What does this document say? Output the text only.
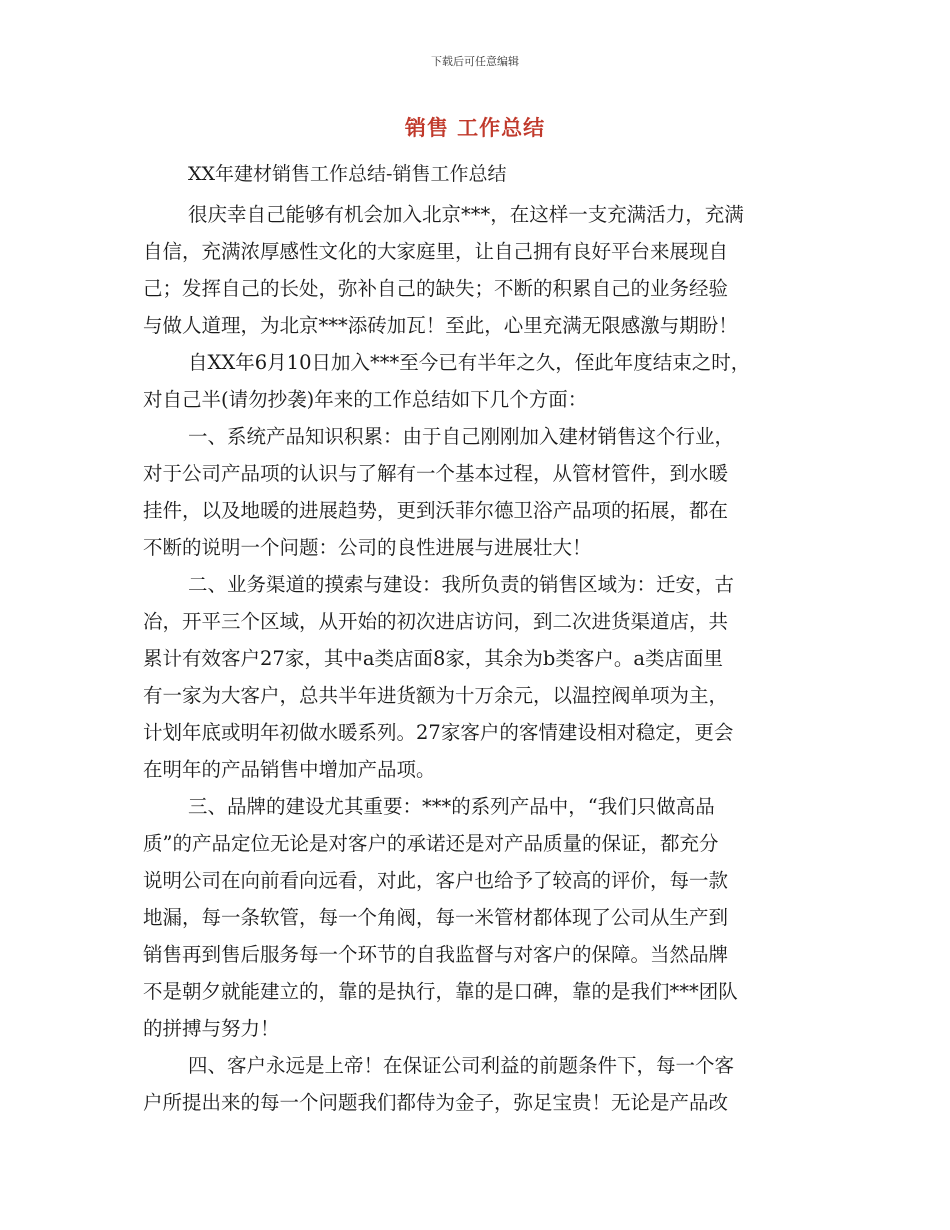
下载后可任意编辑
销售 工作总结
XX年建材销售工作总结-销售工作总结
很庆幸自己能够有机会加入北京***，在这样一支充满活力，充满
自信，充满浓厚感性文化的大家庭里，让自己拥有良好平台来展现自
己；发挥自己的长处，弥补自己的缺失；不断的积累自己的业务经验
与做人道理，为北京***添砖加瓦！至此，心里充满无限感激与期盼！
自XX年6月10日加入***至今已有半年之久，侄此年度结束之时，
对自己半(请勿抄袭)年来的工作总结如下几个方面：
一、系统产品知识积累：由于自己刚刚加入建材销售这个行业，
对于公司产品项的认识与了解有一个基本过程，从管材管件，到水暖
挂件，以及地暖的进展趋势，更到沃菲尔德卫浴产品项的拓展，都在
不断的说明一个问题：公司的良性进展与进展壮大！
二、业务渠道的摸索与建设：我所负责的销售区域为：迁安，古
冶，开平三个区域，从开始的初次进店访问，到二次进货渠道店，共
累计有效客户27家，其中a类店面8家，其余为b类客户。a类店面里
有一家为大客户，总共半年进货额为十万余元，以温控阀单项为主，
计划年底或明年初做水暖系列。27家客户的客情建设相对稳定，更会
在明年的产品销售中增加产品项。
三、品牌的建设尤其重要：***的系列产品中，“我们只做高品
质”的产品定位无论是对客户的承诺还是对产品质量的保证，都充分
说明公司在向前看向远看，对此，客户也给予了较高的评价，每一款
地漏，每一条软管，每一个角阀，每一米管材都体现了公司从生产到
销售再到售后服务每一个环节的自我监督与对客户的保障。当然品牌
不是朝夕就能建立的，靠的是执行，靠的是口碑，靠的是我们***团队
的拼搏与努力！
四、客户永远是上帝！在保证公司利益的前题条件下，每一个客
户所提出来的每一个问题我们都侍为金子，弥足宝贵！无论是产品改
